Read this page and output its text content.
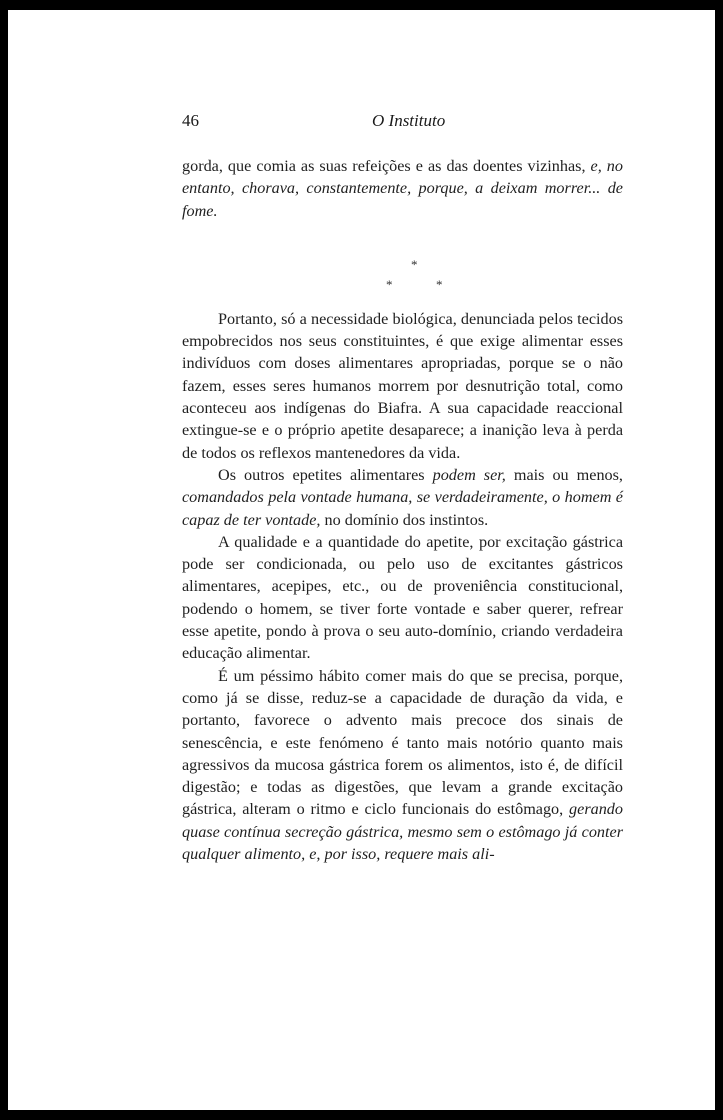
46	O Instituto

gorda, que comia as suas refeições e as das doentes vizinhas, e, no entanto, chorava, constantemente, porque, a deixam morrer... de fome.

*
*	*

Portanto, só a necessidade biológica, denunciada pelos tecidos empobrecidos nos seus constituintes, é que exige alimentar esses indivíduos com doses alimentares apropriadas, porque se o não fazem, esses seres humanos morrem por desnutrição total, como aconteceu aos indígenas do Biafra. A sua capacidade reaccional extingue-se e o próprio apetite desaparece; a inanição leva à perda de todos os reflexos mantenedores da vida.

Os outros epetites alimentares podem ser, mais ou menos, comandados pela vontade humana, se verdadeiramente, o homem é capaz de ter vontade, no domínio dos instintos.

A qualidade e a quantidade do apetite, por excitação gástrica pode ser condicionada, ou pelo uso de excitantes gástricos alimentares, acepipes, etc., ou de proveniência constitucional, podendo o homem, se tiver forte vontade e saber querer, refrear esse apetite, pondo à prova o seu auto-domínio, criando verdadeira educação alimentar.

É um péssimo hábito comer mais do que se precisa, porque, como já se disse, reduz-se a capacidade de duração da vida, e portanto, favorece o advento mais precoce dos sinais de senescência, e este fenómeno é tanto mais notório quanto mais agressivos da mucosa gástrica forem os alimentos, isto é, de difícil digestão; e todas as digestões, que levam a grande excitação gástrica, alteram o ritmo e ciclo funcionais do estômago, gerando quase contínua secreção gástrica, mesmo sem o estômago já conter qualquer alimento, e, por isso, requere mais ali-
